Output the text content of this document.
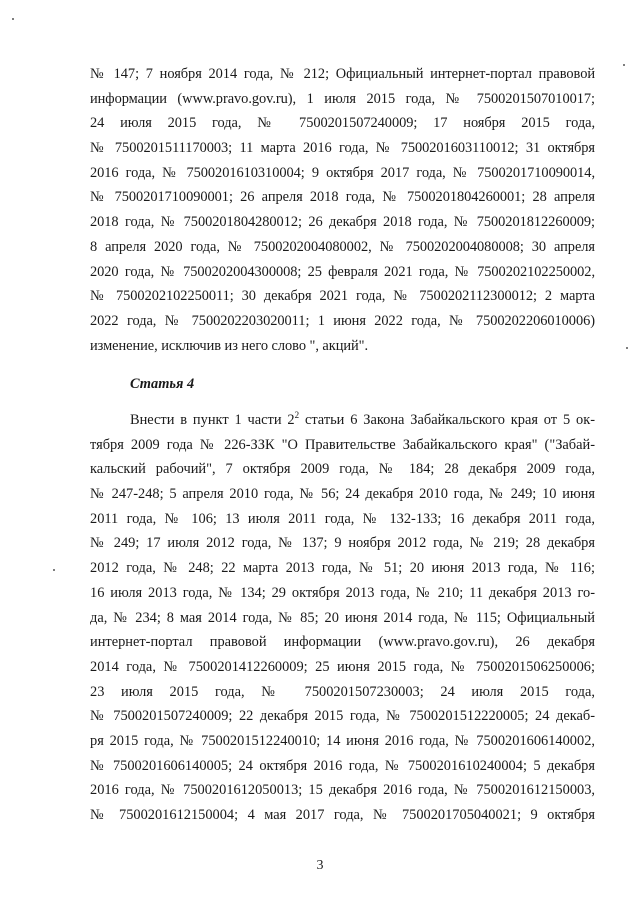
№ 147; 7 ноября 2014 года, № 212; Официальный интернет-портал правовой
информации (www.pravo.gov.ru), 1 июля 2015 года, № 7500201507010017;
24 июля 2015 года, № 7500201507240009; 17 ноября 2015 года,
№ 7500201511170003; 11 марта 2016 года, № 7500201603110012; 31 октября
2016 года, № 7500201610310004; 9 октября 2017 года, № 7500201710090014,
№ 7500201710090001; 26 апреля 2018 года, № 7500201804260001; 28 апреля
2018 года, № 7500201804280012; 26 декабря 2018 года, № 7500201812260009;
8 апреля 2020 года, № 7500202004080002, № 7500202004080008; 30 апреля
2020 года, № 7500202004300008; 25 февраля 2021 года, № 7500202102250002,
№ 7500202102250011; 30 декабря 2021 года, № 7500202112300012; 2 марта
2022 года, № 7500202203020011; 1 июня 2022 года, № 7500202206010006)
изменение, исключив из него слово ", акций".
Статья 4
Внести в пункт 1 части $2^2$ статьи 6 Закона Забайкальского края от 5 ок-
тября 2009 года № 226-ЗЗК "О Правительстве Забайкальского края" ("Забай-
кальский рабочий", 7 октября 2009 года, № 184; 28 декабря 2009 года,
№ 247-248; 5 апреля 2010 года, № 56; 24 декабря 2010 года, № 249; 10 июня
2011 года, № 106; 13 июля 2011 года, № 132-133; 16 декабря 2011 года,
№ 249; 17 июля 2012 года, № 137; 9 ноября 2012 года, № 219; 28 декабря
2012 года, № 248; 22 марта 2013 года, № 51; 20 июня 2013 года, № 116;
16 июля 2013 года, № 134; 29 октября 2013 года, № 210; 11 декабря 2013 го-
да, № 234; 8 мая 2014 года, № 85; 20 июня 2014 года, № 115; Официальный
интернет-портал правовой информации (www.pravo.gov.ru), 26 декабря
2014 года, № 7500201412260009; 25 июня 2015 года, № 7500201506250006;
23 июля 2015 года, № 7500201507230003; 24 июля 2015 года,
№ 7500201507240009; 22 декабря 2015 года, № 7500201512220005; 24 декаб-
ря 2015 года, № 7500201512240010; 14 июня 2016 года, № 7500201606140002,
№ 7500201606140005; 24 октября 2016 года, № 7500201610240004; 5 декабря
2016 года, № 7500201612050013; 15 декабря 2016 года, № 7500201612150003,
№ 7500201612150004; 4 мая 2017 года, № 7500201705040021; 9 октября
3
